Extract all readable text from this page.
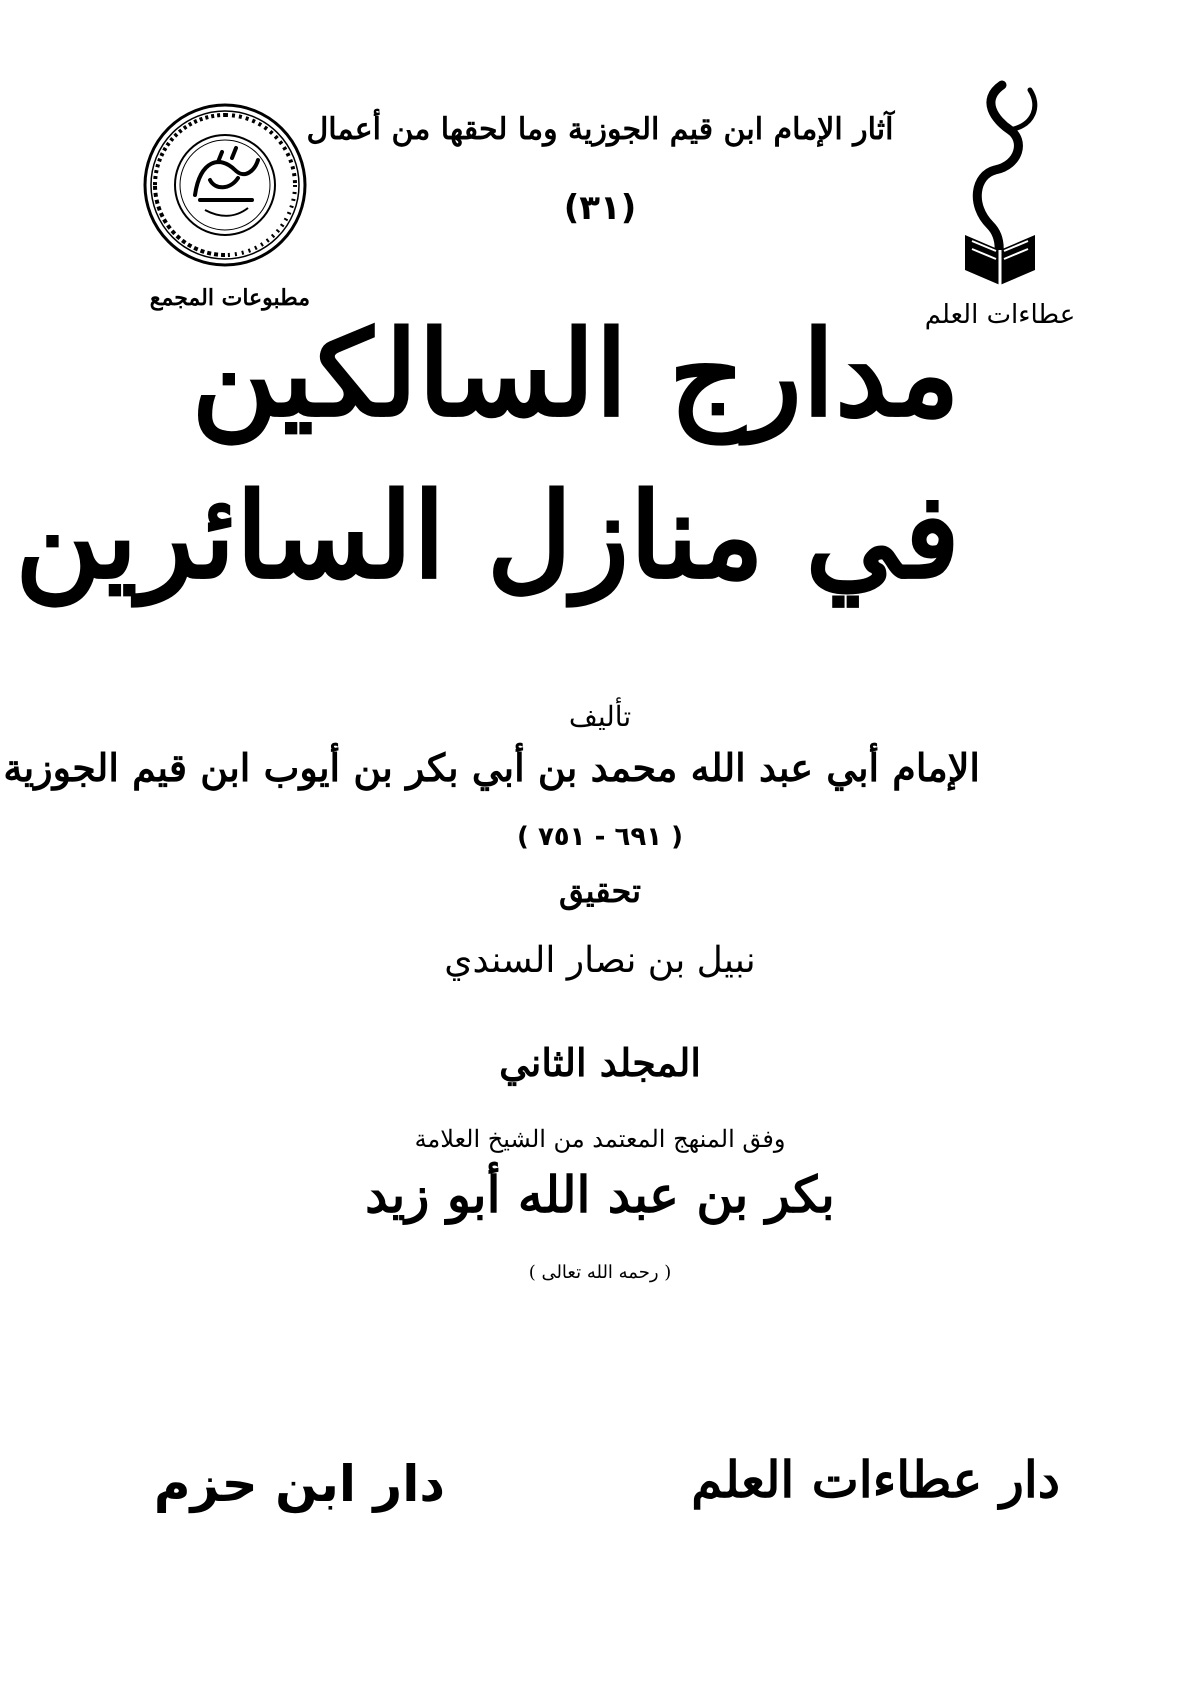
مطبوعات المجمع
عطاءات العلم
آثار الإمام ابن قيم الجوزية وما لحقها من أعمال
(٣١)
مدارج السالكين
في منازل السائرين
تأليف
الإمام أبي عبد الله محمد بن أبي بكر بن أيوب ابن قيم الجوزية
( ٦٩١ - ٧٥١ )
تحقيق
نبيل بن نصار السندي
المجلد الثاني
وفق المنهج المعتمد من الشيخ العلامة
بكر بن عبد الله أبو زيد
( رحمه الله تعالى )
دار ابن حزم	دار عطاءات العلم
